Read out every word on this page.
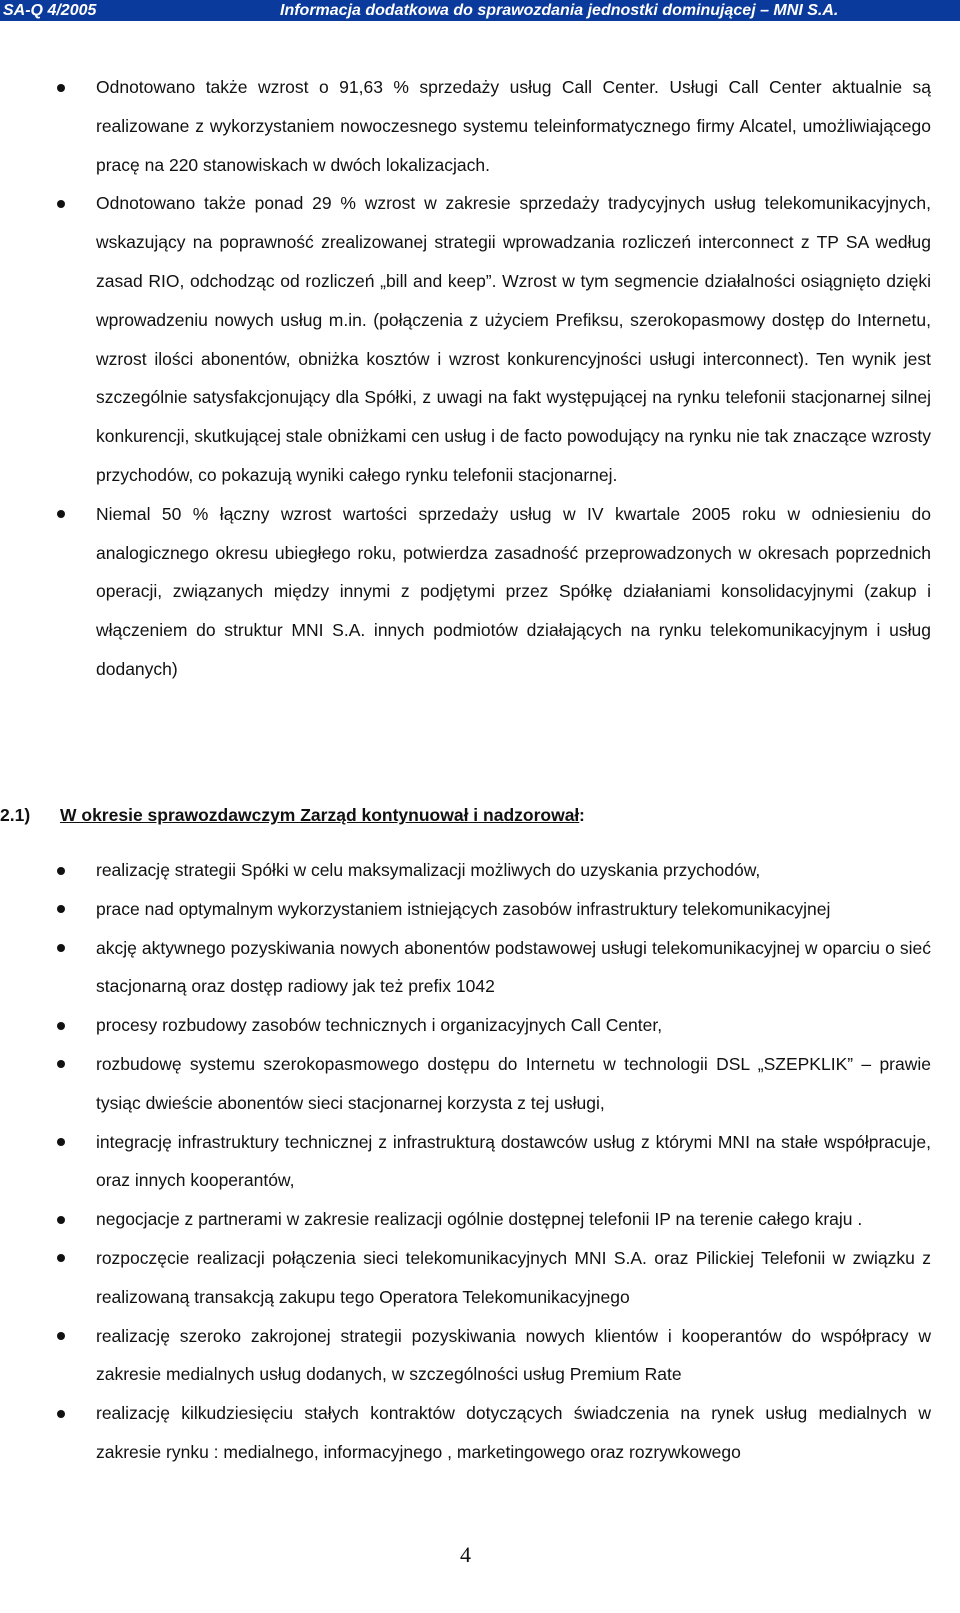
SA-Q 4/2005	Informacja dodatkowa do sprawozdania jednostki dominującej – MNI S.A.
Odnotowano także wzrost o 91,63 % sprzedaży usług Call Center. Usługi Call Center aktualnie są realizowane z wykorzystaniem nowoczesnego systemu teleinformatycznego firmy Alcatel, umożliwiającego pracę na 220 stanowiskach w dwóch lokalizacjach.
Odnotowano także ponad 29 % wzrost w zakresie sprzedaży tradycyjnych usług telekomunikacyjnych, wskazujący na poprawność zrealizowanej strategii wprowadzania rozliczeń interconnect z TP SA według zasad RIO, odchodząc od rozliczeń „bill and keep”. Wzrost w tym segmencie działalności osiągnięto dzięki wprowadzeniu nowych usług m.in. (połączenia z użyciem Prefiksu, szerokopasmowy dostęp do Internetu, wzrost ilości abonentów, obniżka kosztów i wzrost konkurencyjności usługi interconnect). Ten wynik jest szczególnie satysfakcjonujący dla Spółki, z uwagi na fakt występującej na rynku telefonii stacjonarnej silnej konkurencji, skutkującej stale obniżkami cen usług i de facto powodujący na rynku nie tak znaczące wzrosty przychodów, co pokazują wyniki całego rynku telefonii stacjonarnej.
Niemal 50 % łączny wzrost wartości sprzedaży usług w IV kwartale 2005 roku w odniesieniu do analogicznego okresu ubiegłego roku, potwierdza zasadność przeprowadzonych w okresach poprzednich operacji, związanych między innymi z podjętymi przez Spółkę działaniami konsolidacyjnymi (zakup i włączeniem do struktur MNI S.A. innych podmiotów działających na rynku telekomunikacyjnym i usług dodanych)
2.1) W okresie sprawozdawczym Zarząd kontynuował i nadzorował :
realizację strategii Spółki w celu maksymalizacji możliwych do uzyskania przychodów,
prace nad optymalnym wykorzystaniem istniejących zasobów infrastruktury telekomunikacyjnej
akcję aktywnego pozyskiwania nowych abonentów podstawowej usługi telekomunikacyjnej w oparciu o sieć stacjonarną oraz dostęp radiowy jak też prefix 1042
procesy rozbudowy zasobów technicznych i organizacyjnych Call Center,
rozbudowę systemu szerokopasmowego dostępu do Internetu w technologii DSL „SZEPKLIK” – prawie tysiąc dwieście abonentów sieci stacjonarnej korzysta z tej usługi,
integrację infrastruktury technicznej z infrastrukturą dostawców usług z którymi MNI na stałe współpracuje, oraz innych kooperantów,
negocjacje z partnerami w zakresie realizacji ogólnie dostępnej telefonii IP na terenie całego kraju .
rozpoczęcie realizacji połączenia sieci telekomunikacyjnych MNI S.A. oraz Pilickiej Telefonii w związku z realizowaną transakcją zakupu tego Operatora Telekomunikacyjnego
realizację szeroko zakrojonej strategii pozyskiwania nowych klientów i kooperantów do współpracy w zakresie medialnych usług dodanych, w szczególności usług Premium Rate
realizację kilkudziesięciu stałych kontraktów dotyczących świadczenia na rynek usług medialnych w zakresie rynku : medialnego, informacyjnego , marketingowego oraz rozrywkowego
4
